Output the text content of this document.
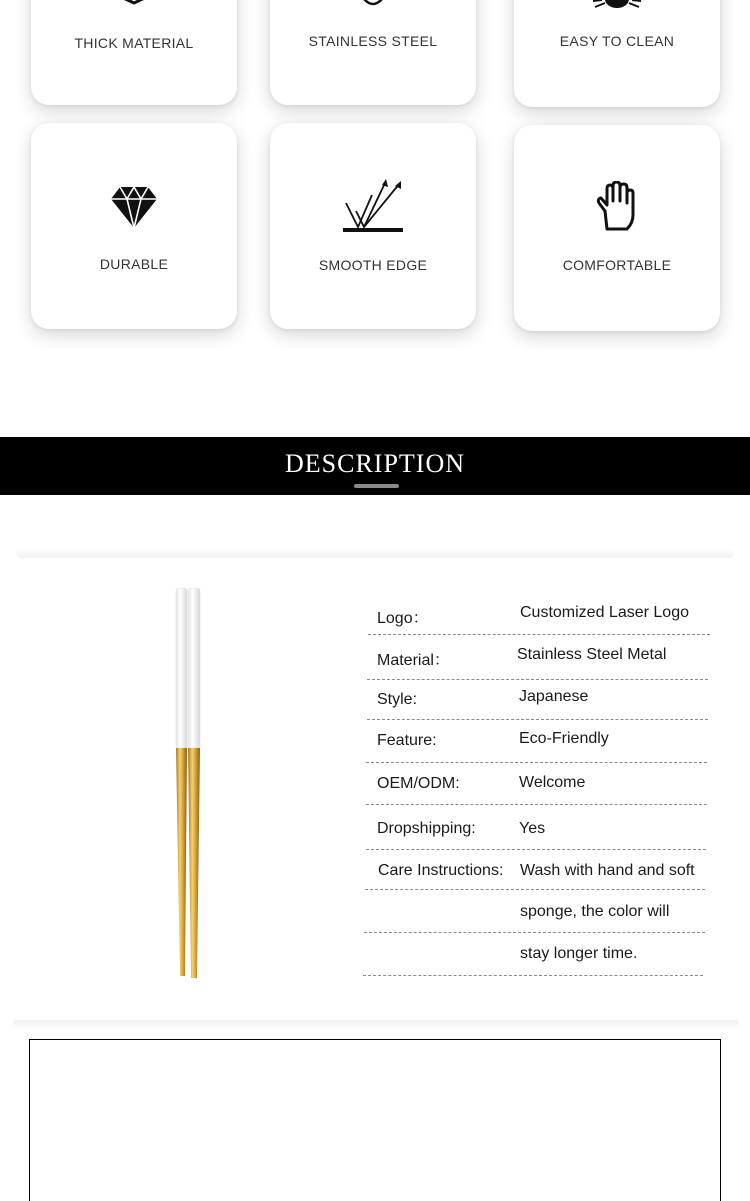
THICK MATERIAL	STAINLESS STEEL	EASY TO CLEAN
DURABLE	SMOOTH EDGE	COMFORTABLE
DESCRIPTION
Logo：	Customized Laser Logo
Material：	Stainless Steel Metal
Style:	Japanese
Feature:	Eco-Friendly
OEM/ODM:	Welcome
Dropshipping:	Yes
Care Instructions: Wash with hand and soft
sponge, the color will
stay longer time.
